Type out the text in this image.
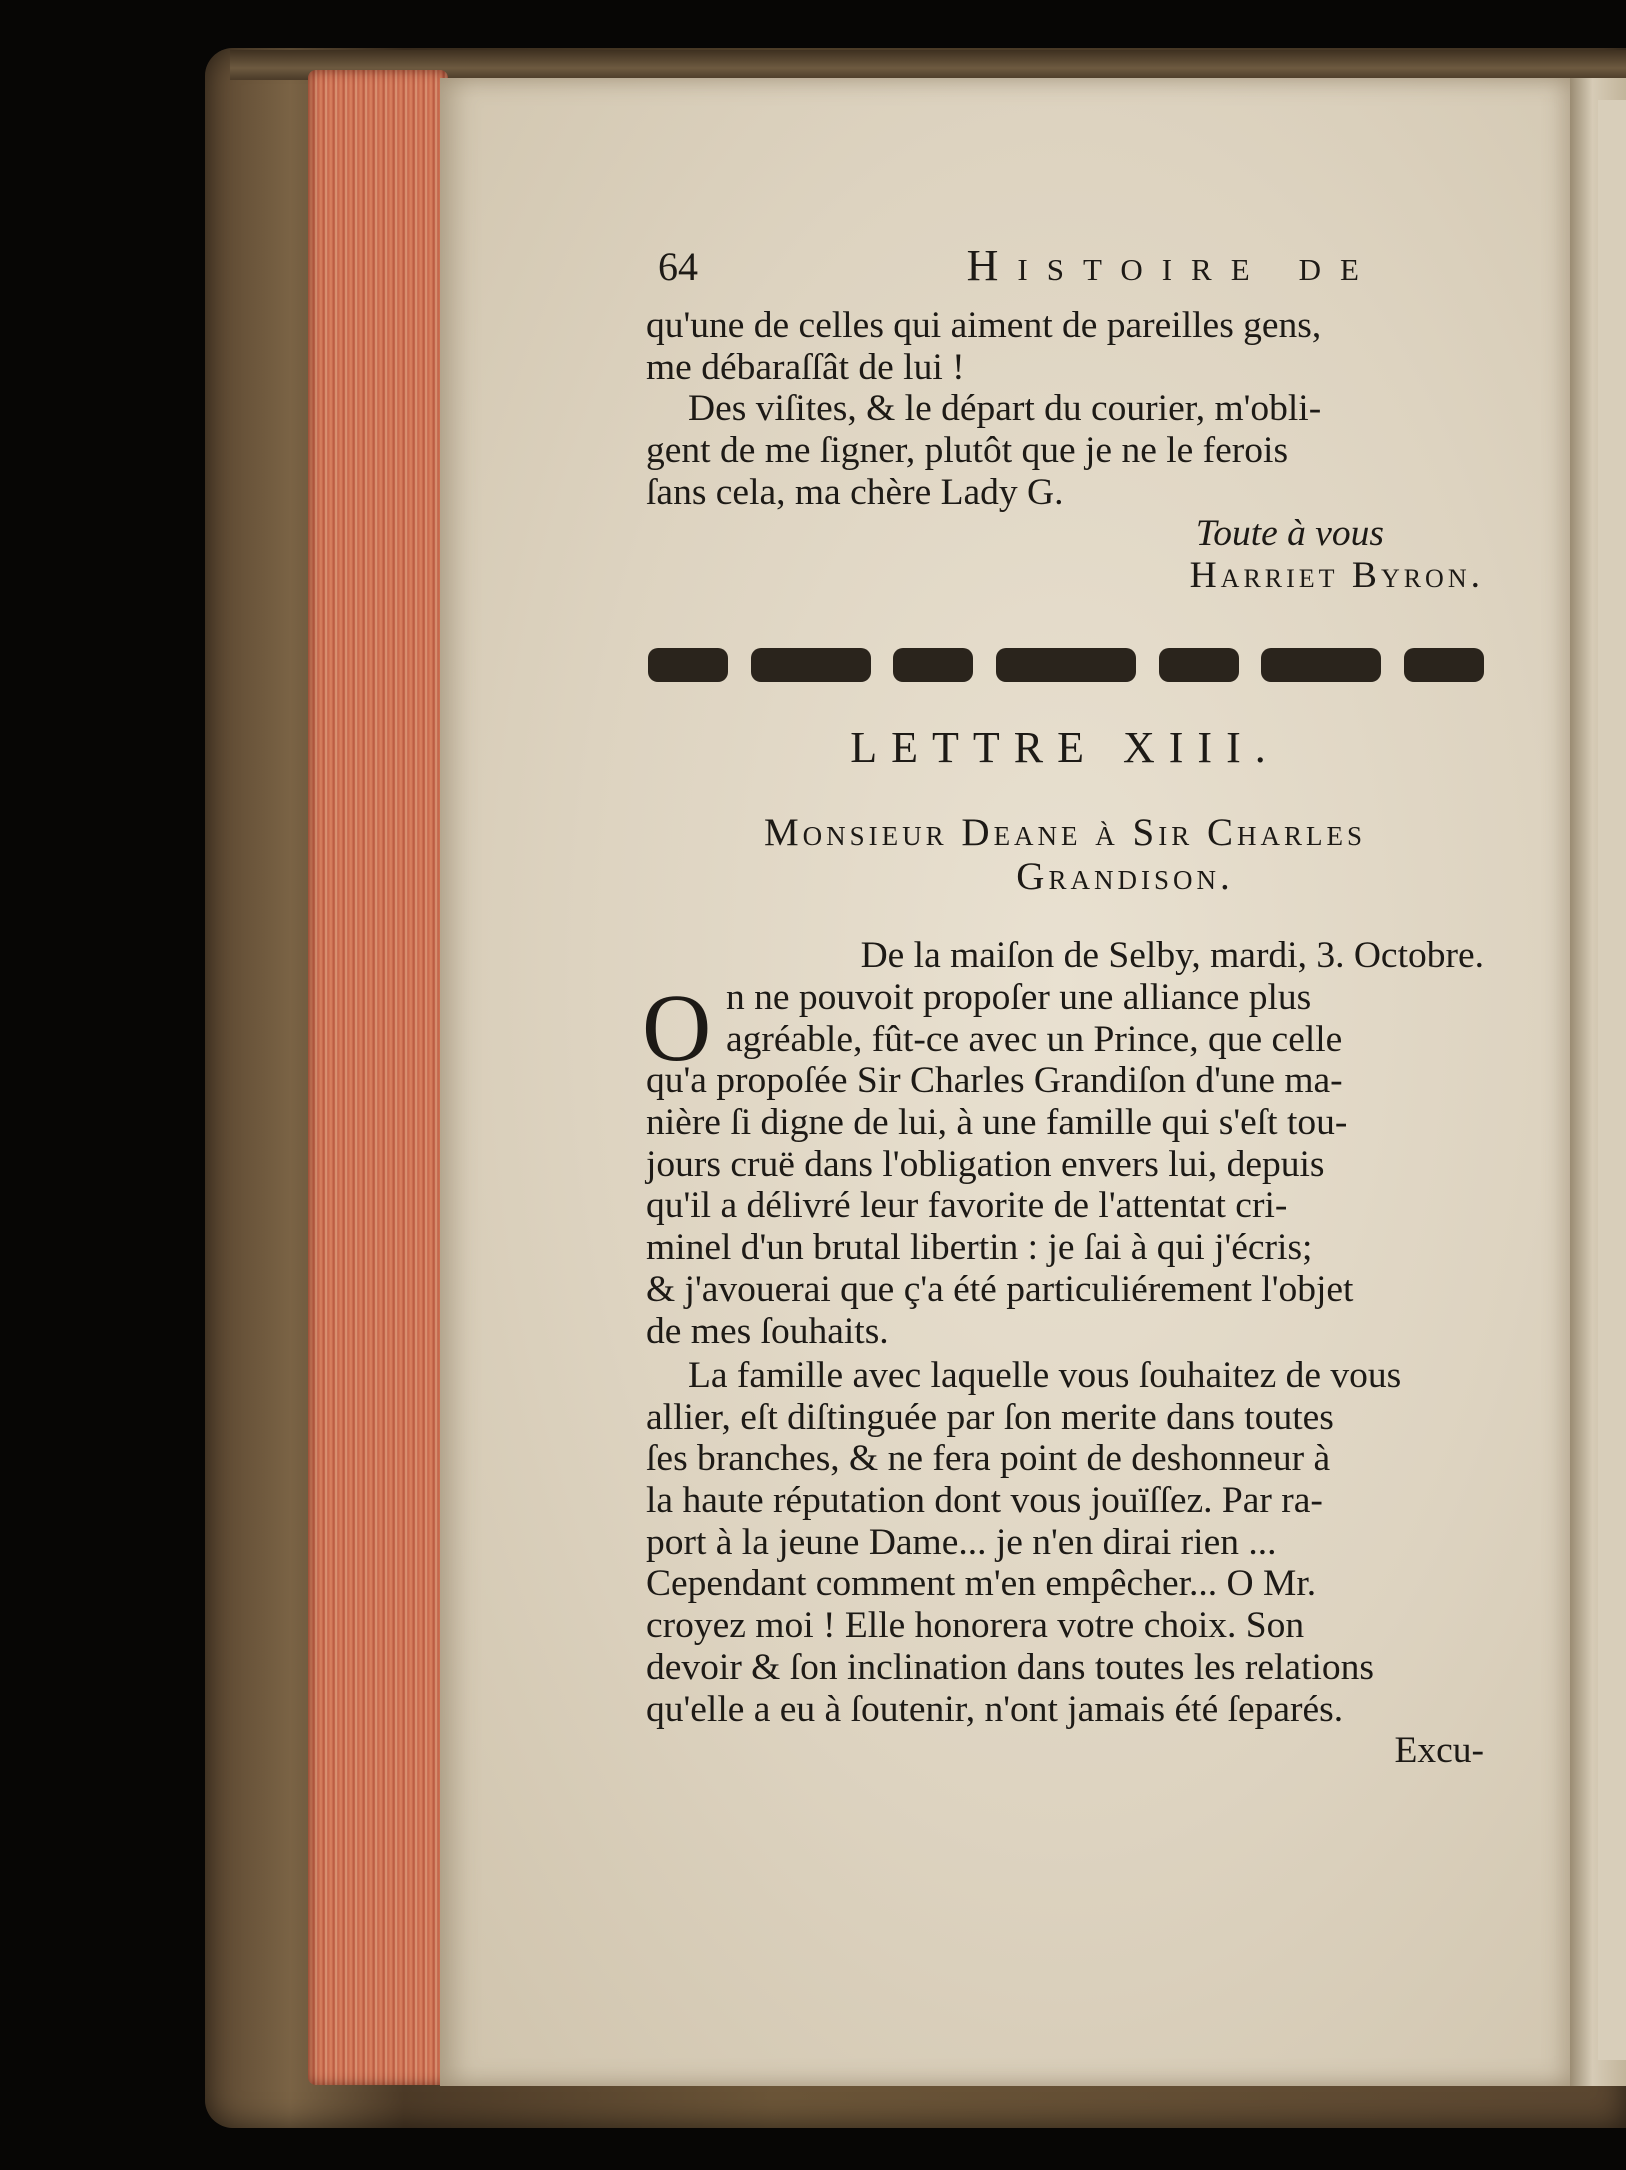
64	Histoire de
qu'une de celles qui aiment de pareilles gens,
me débaraſſât de lui !
Des viſites, & le départ du courier, m'obli-
gent de me ſigner, plutôt que je ne le ferois
ſans cela, ma chère Lady G.
Toute à vous
Harriet Byron.
LETTRE XIII.
Monſieur Deane à Sir Charles
Grandison.
De la maiſon de Selby, mardi, 3. Octobre.
O n ne pouvoit propoſer une alliance plus
agréable, fût-ce avec un Prince, que celle
qu'a propoſée Sir Charles Grandiſon d'une ma-
nière ſi digne de lui, à une famille qui s'eſt tou-
jours cruë dans l'obligation envers lui, depuis
qu'il a délivré leur favorite de l'attentat cri-
minel d'un brutal libertin : je ſai à qui j'écris;
& j'avouerai que ç'a été particuliérement l'objet
de mes ſouhaits.
La famille avec laquelle vous ſouhaitez de vous
allier, eſt diſtinguée par ſon merite dans toutes
ſes branches, & ne fera point de deshonneur à
la haute réputation dont vous jouïſſez. Par ra-
port à la jeune Dame... je n'en dirai rien ...
Cependant comment m'en empêcher... O Mr.
croyez moi ! Elle honorera votre choix. Son
devoir & ſon inclination dans toutes les relations
qu'elle a eu à ſoutenir, n'ont jamais été ſeparés.
Excu-
